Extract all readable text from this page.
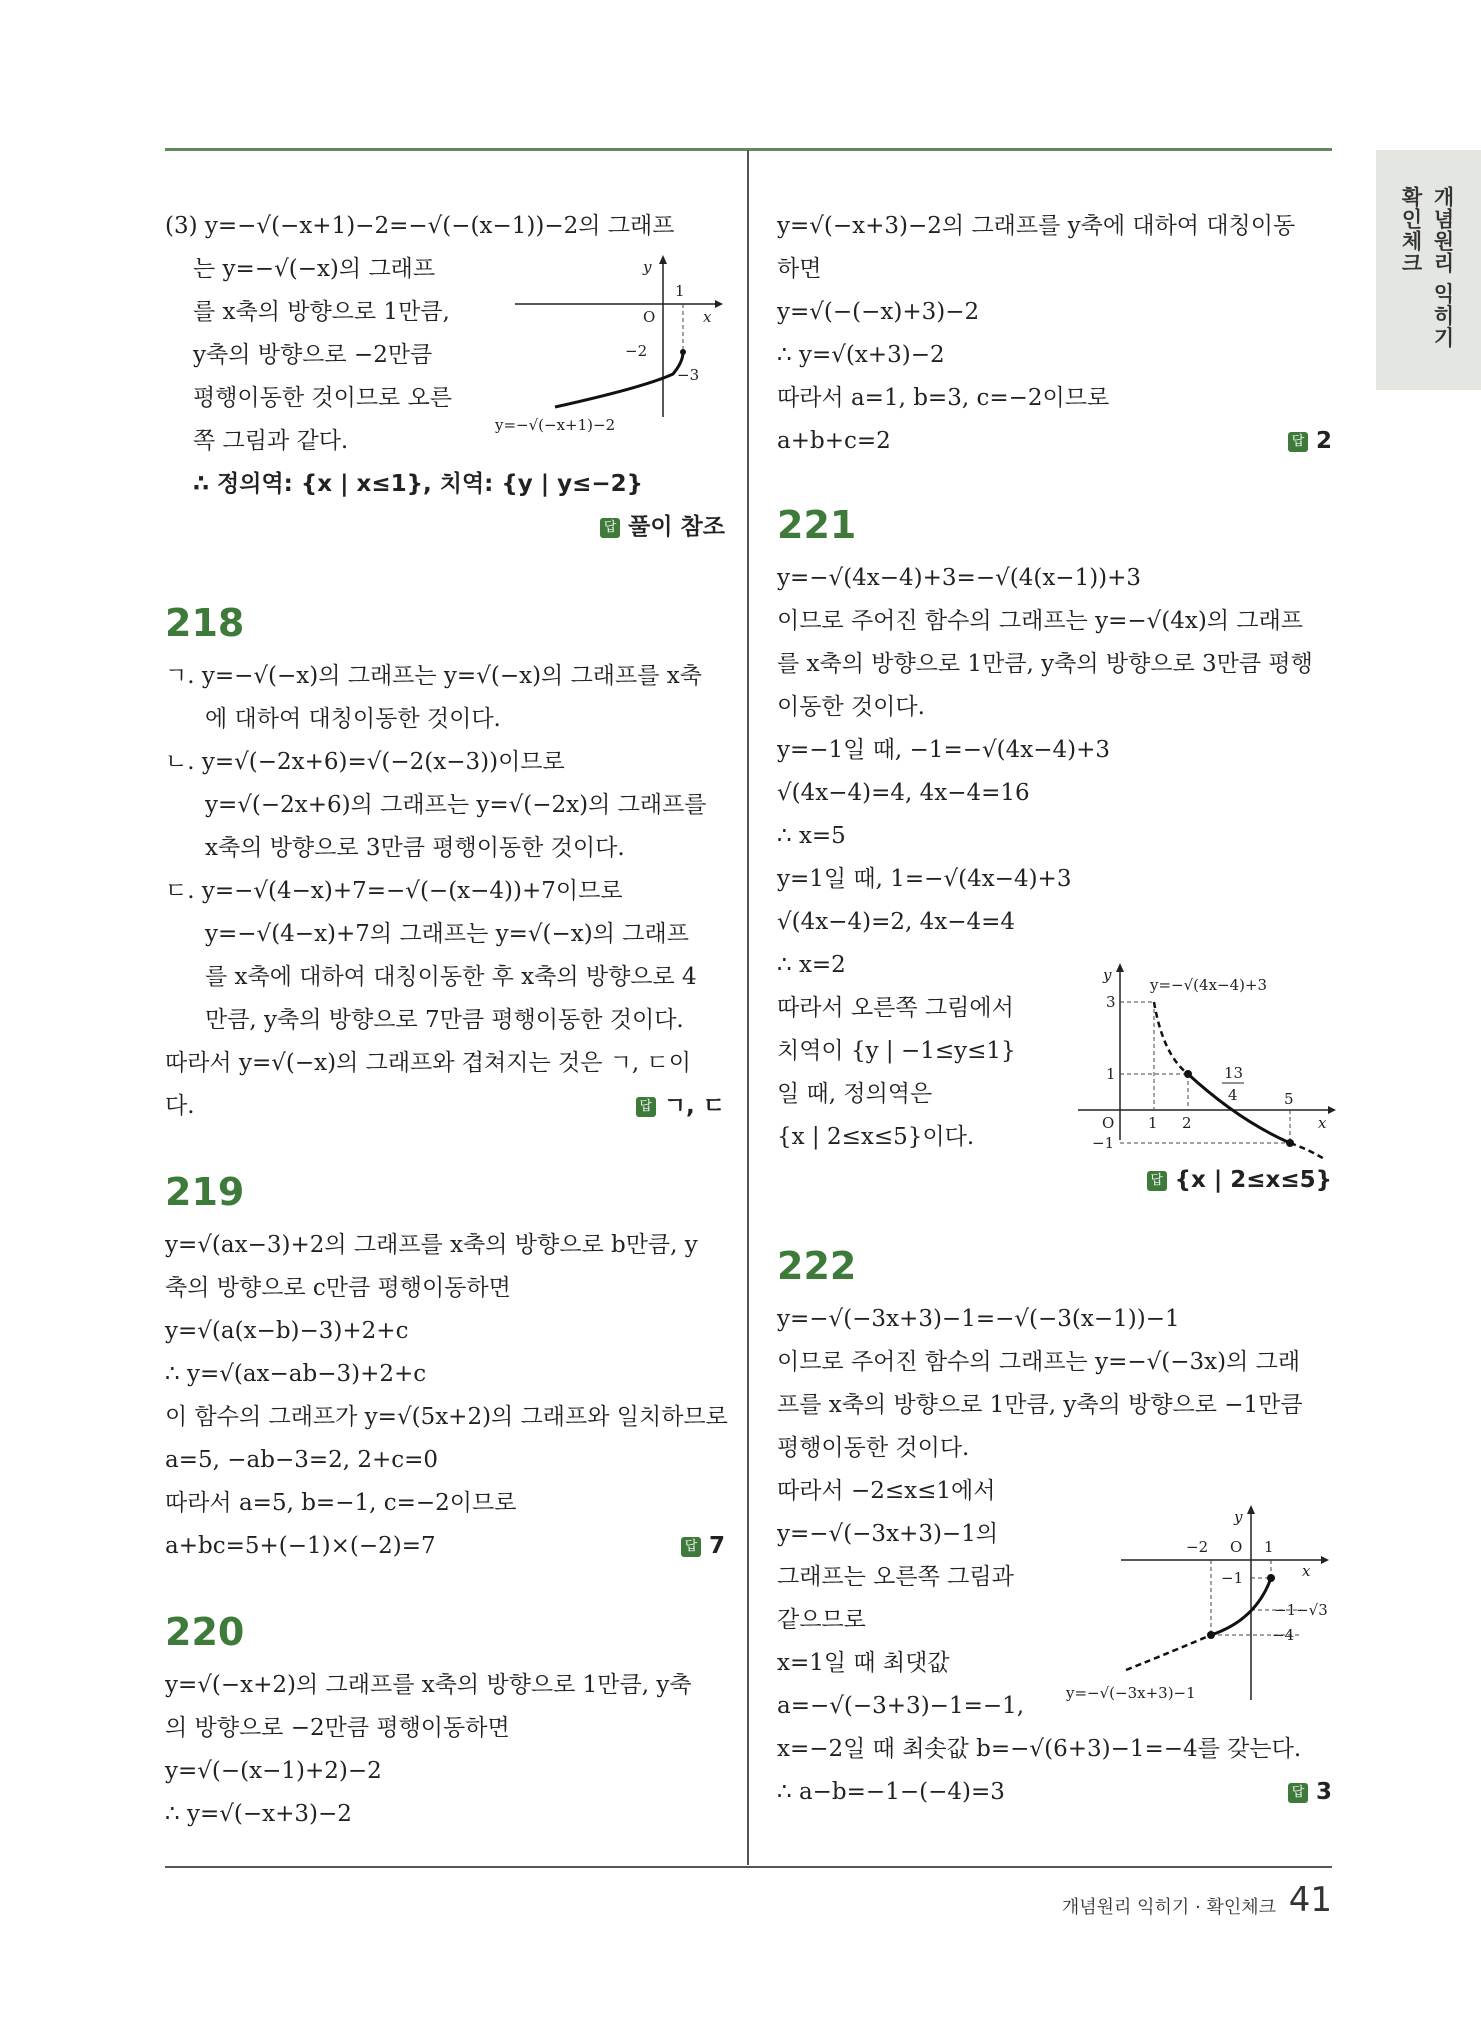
확인체크 개념원리 익히기
(3) y=−√(−x+1)−2=−√(−(x−1))−2의 그래프
는 y=−√(−x)의 그래프
를 x축의 방향으로 1만큼,
y축의 방향으로 −2만큼
평행이동한 것이므로 오른
쪽 그림과 같다.
∴ 정의역: {x | x≤1}, 치역: {y | y≤−2}
답 풀이 참조
218
ㄱ. y=−√(−x)의 그래프는 y=√(−x)의 그래프를 x축
에 대하여 대칭이동한 것이다.
ㄴ. y=√(−2x+6)=√(−2(x−3))이므로
y=√(−2x+6)의 그래프는 y=√(−2x)의 그래프를
x축의 방향으로 3만큼 평행이동한 것이다.
ㄷ. y=−√(4−x)+7=−√(−(x−4))+7이므로
y=−√(4−x)+7의 그래프는 y=√(−x)의 그래프
를 x축에 대하여 대칭이동한 후 x축의 방향으로 4
만큼, y축의 방향으로 7만큼 평행이동한 것이다.
따라서 y=√(−x)의 그래프와 겹쳐지는 것은 ㄱ, ㄷ이
다.	답 ㄱ, ㄷ
219
y=√(ax−3)+2의 그래프를 x축의 방향으로 b만큼, y
축의 방향으로 c만큼 평행이동하면
y=√(a(x−b)−3)+2+c
∴ y=√(ax−ab−3)+2+c
이 함수의 그래프가 y=√(5x+2)의 그래프와 일치하므로
a=5, −ab−3=2, 2+c=0
따라서 a=5, b=−1, c=−2이므로
a+bc=5+(−1)×(−2)=7	답 7
220
y=√(−x+2)의 그래프를 x축의 방향으로 1만큼, y축
의 방향으로 −2만큼 평행이동하면
y=√(−(x−1)+2)−2
∴ y=√(−x+3)−2
y
x
O
1
−2
−3
y=−√(−x+1)−2
y=√(−x+3)−2의 그래프를 y축에 대하여 대칭이동
하면
y=√(−(−x)+3)−2
∴ y=√(x+3)−2
따라서 a=1, b=3, c=−2이므로
a+b+c=2	답 2
221
y=−√(4x−4)+3=−√(4(x−1))+3
이므로 주어진 함수의 그래프는 y=−√(4x)의 그래프
를 x축의 방향으로 1만큼, y축의 방향으로 3만큼 평행
이동한 것이다.
y=−1일 때, −1=−√(4x−4)+3
√(4x−4)=4, 4x−4=16
∴ x=5
y=1일 때, 1=−√(4x−4)+3
√(4x−4)=2, 4x−4=4
∴ x=2
따라서 오른쪽 그림에서
치역이 {y | −1≤y≤1}
일 때, 정의역은
{x | 2≤x≤5}이다.
답 {x | 2≤x≤5}
222
y=−√(−3x+3)−1=−√(−3(x−1))−1
이므로 주어진 함수의 그래프는 y=−√(−3x)의 그래
프를 x축의 방향으로 1만큼, y축의 방향으로 −1만큼
평행이동한 것이다.
따라서 −2≤x≤1에서
y=−√(−3x+3)−1의
그래프는 오른쪽 그림과
같으므로
x=1일 때 최댓값
a=−√(−3+3)−1=−1,
x=−2일 때 최솟값 b=−√(6+3)−1=−4를 갖는다.
∴ a−b=−1−(−4)=3	답 3
y
x
O
3
1
−1
1 2
5
13
4
y=−√(4x−4)+3
y
x
O
−2	1
−1
−1−√3
−4
y=−√(−3x+3)−1
개념원리 익히기 · 확인체크 41
